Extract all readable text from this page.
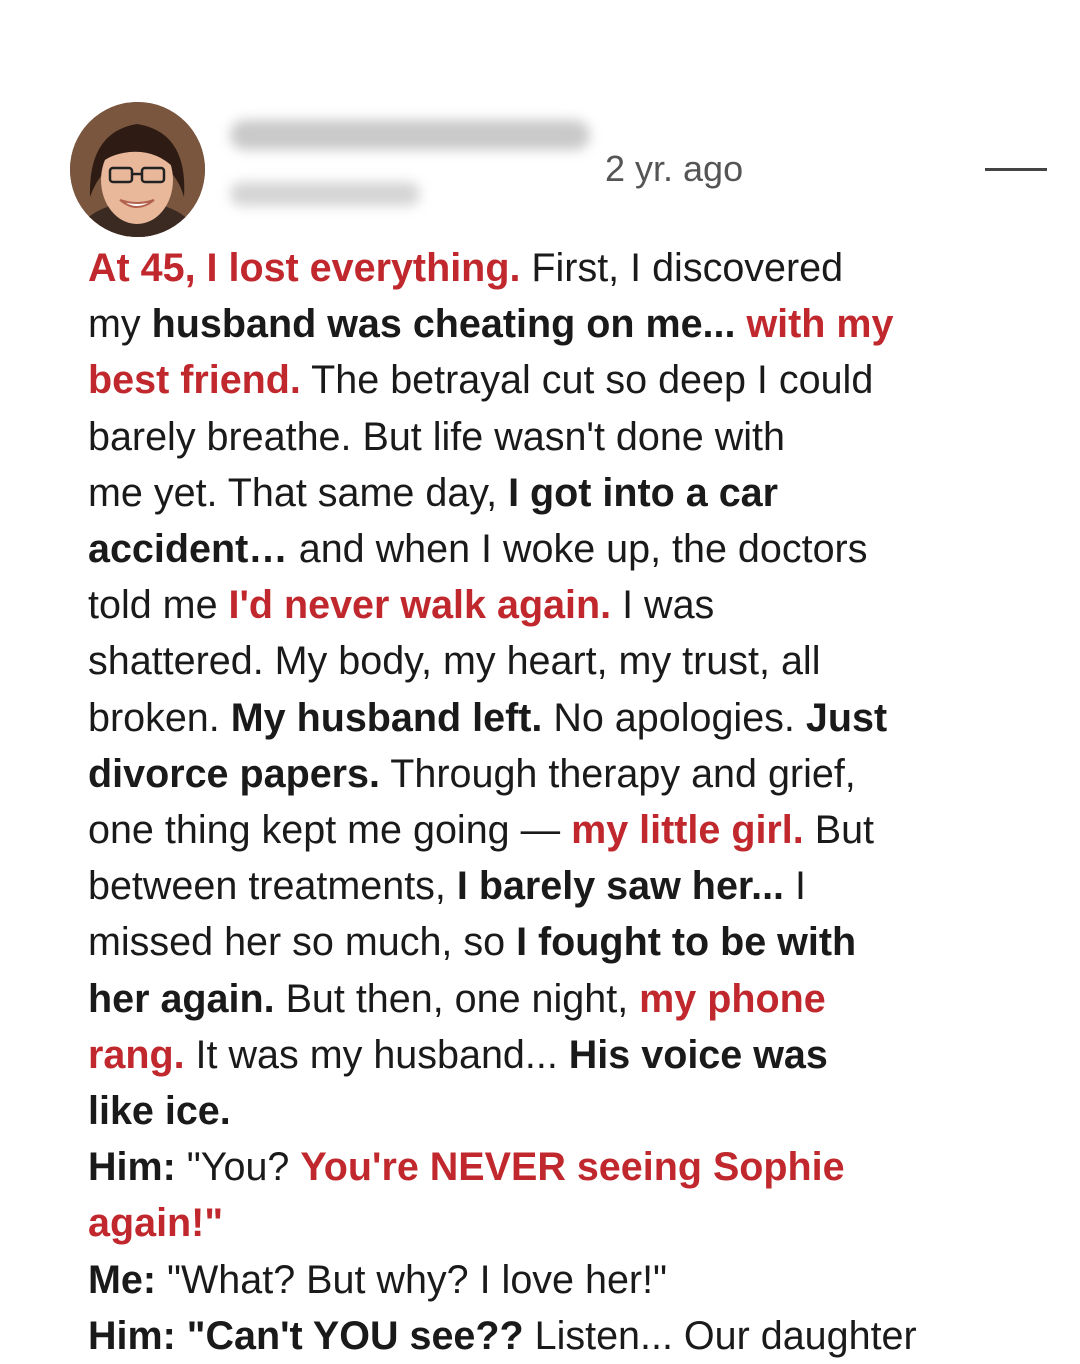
2 yr. ago
At 45, I lost everything. First, I discovered
my husband was cheating on me... with my
best friend. The betrayal cut so deep I could
barely breathe. But life wasn't done with
me yet. That same day, I got into a car
accident… and when I woke up, the doctors
told me I'd never walk again. I was
shattered. My body, my heart, my trust, all
broken. My husband left. No apologies. Just
divorce papers. Through therapy and grief,
one thing kept me going — my little girl. But
between treatments, I barely saw her... I
missed her so much, so I fought to be with
her again. But then, one night, my phone
rang. It was my husband... His voice was
like ice.
Him: "You? You're NEVER seeing Sophie
again!"
Me: "What? But why? I love her!"
Him: "Can't YOU see?? Listen... Our daughter
